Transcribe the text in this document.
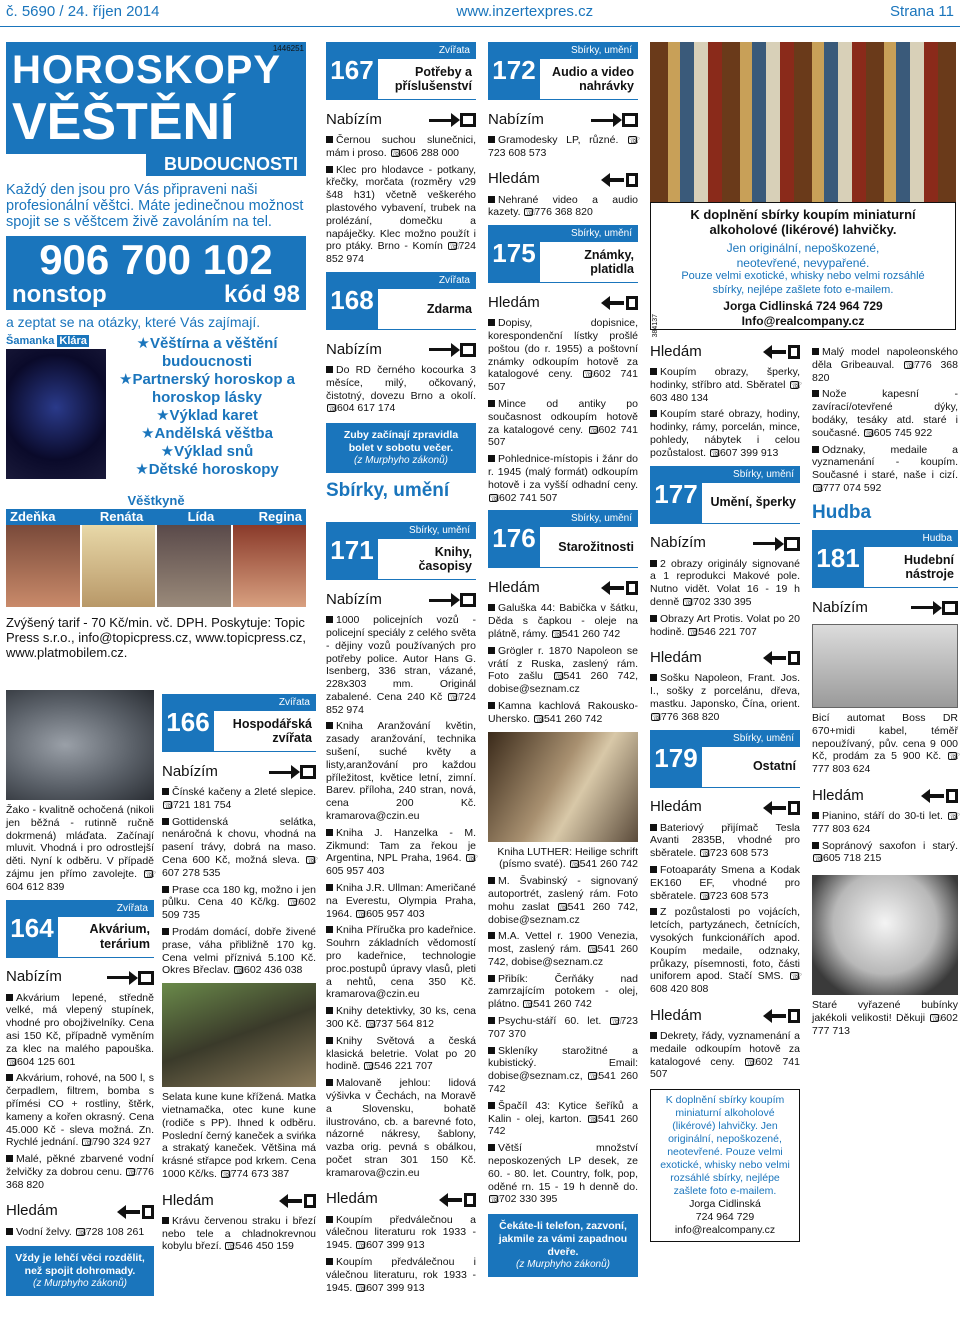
č. 5690 / 24. říjen 2014	www.inzertexpres.cz	Strana 11
HOROSKOPY
VĚŠTĚNÍ
1446251
BUDOUCNOSTI
Každý den jsou pro Vás připraveni naši profesionální věštci. Máte jedinečnou možnost spojit se s věštcem živě zavoláním na tel.
906 700 102
nonstop	kód 98
a zeptat se na otázky, které Vás zajímají.
Šamanka Klára	★Věštírna a věštění budoucnosti
★Partnerský horoskop a horoskop lásky
★Výklad karet
★Andělská věštba
★Výklad snů
★Dětské horoskopy
Věštkyně
Zdeňka	Renáta	Lída	Regina
Zvýšený tarif - 70 Kč/min. vč. DPH. Poskytuje: Topic Press s.r.o., info@topicpress.cz, www.topicpress.cz, www.platmobilem.cz.
Žako - kvalitně ochočená (nikoli jen běžná - rutinně ručně dokrmená) mláďata. Začínají mluvit. Vhodná i pro odrostlejší děti. Nyní k odběru. V případě zájmu jen přímo zavolejte. ☏604 612 839
164
Zvířata
Akvárium, terárium
Nabízím
Akvárium lepené, středně velké, má vlepený stupínek, vhodné pro obojživelníky. Cena asi 150 Kč, případně vyměním za klec na malého papouška. ☏604 125 601
Akvárium, rohové, na 500 l, s čerpadlem, filtrem, bomba s přímési CO + rostliny, štěrk, kameny a kořen okrasný. Cena 45.000 Kč - sleva možná. Zn. Rychlé jednání. ☏790 324 927
Malé, pěkné zbarvené vodní želvičky za dobrou cenu. ☏776 368 820
Hledám
Vodní želvy. ☏728 108 261
Vždy je lehčí věci rozdělit, než spojit dohromady.
(z Murphyho zákonů)
166
Zvířata
Hospodářská zvířata
Nabízím
Čínské kačeny a 2leté slepice. ☏721 181 754
Gottidenská selátka, nenáročná k chovu, vhodná na pasení trávy, dobrá na maso. Cena 600 Kč, možná sleva. ☏607 278 535
Prase cca 180 kg, možno i jen půlku. Cena 40 Kč/kg. ☏602 509 735
Prodám domácí, dobře živené prase, váha přibližně 170 kg. Cena velmi příznivá 5.100 Kč. Okres Břeclav. ☏602 436 038
Selata kune kune křížená. Matka vietnamačka, otec kune kune (rodiče s PP). Ihned k odběru. Poslední černý kaneček a svińka a strakatý kaneček. Většina má krásné střapce pod krkem. Cena 1000 Kč/ks. ☏774 673 387
Hledám
Krávu červenou straku i březí nebo tele a chladnokrevnou kobylu březí. ☏546 450 159
167
Zvířata
Potřeby a příslušenství
Nabízím
Černou suchou slunečnici, mám i proso. ☏606 288 000
Klec pro hlodavce - potkany, křečky, morčata (rozměry v29 š48 h31) včetně veškerého plastového vybavení, trubek na prolézání, domečku a napáječky. Klec možno použít i pro ptáky. Brno - Komín ☏724 852 974
168
Zvířata
Zdarma
Nabízím
Do RD černého kocourka 3 měsíce, milý, očkovaný, čistotný, dovezu Brno a okolí. ☏604 617 174
Zuby začínají zpravidla bolet v sobotu večer.
(z Murphyho zákonů)
Sbírky, umění
171
Sbírky, umění
Knihy, časopisy
Nabízím
1000 policejních vozů - policejní speciály z celého světa - dějiny vozů používaných pro potřeby police. Autor Hans G. Isenberg, 336 stran, vázané, 228x303 mm. Originál zabalené. Cena 240 Kč ☏724 852 974
Kniha Aranžování květin, zasady aranžování, technika sušení, suché květy a listy,aranžování pro každou příležitost, květice letní, zimní. Barev. příloha, 240 stran, nová, cena 200 Kč. kramarova@czin.eu
Kniha J. Hanzelka - M. Zikmund: Tam za řekou je Argentina, NPL Praha, 1964. ☏605 957 403
Kniha J.R. Ullman: Američané na Everestu, Olympia Praha, 1964. ☏605 957 403
Kniha Příručka pro kadeřnice. Souhrn základních vědomostí pro kadeřnice, technologie proc.postupů úpravy vlasů, pleti a nehtů, cena 350 Kč. kramarova@czin.eu
Knihy detektivky, 30 ks, cena 300 Kč. ☏737 564 812
Knihy Světová a česká klasická beletrie. Volat po 20 hodině. ☏546 221 707
Malovaně jehlou: lidová výšivka v Čechách, na Moravě a Slovensku, bohatě ilustrováno, cb. a barevné foto, názorné nákresy, šablony, vazba orig. pevná s obálkou, počet stran 301 150 Kč. kramarova@czin.eu
Hledám
Koupím předválečnou a válečnou literaturu rok 1933 - 1945. ☏607 399 913
Koupím předválečnou i válečnou literaturu, rok 1933 - 1945. ☏607 399 913
172
Sbírky, umění
Audio a video nahrávky
Nabízím
Gramodesky LP, různé. ☏723 608 573
Hledám
Nehrané video a audio kazety. ☏776 368 820
175
Sbírky, umění
Známky, platidla
Hledám
Dopisy, dopisnice, korespondenční lístky prošlé poštou (do r. 1955) a poštovní známky odkoupím hotově za katalogové ceny. ☏602 741 507
Mince od antiky po současnost odkoupím hotově za katalogové ceny. ☏602 741 507
Pohlednice-místopis i žánr do r. 1945 (malý formát) odkoupím hotově i za vyšší odhadní ceny. ☏602 741 507
176
Sbírky, umění
Starožitnosti
Hledám
Galuška 44: Babička v šátku, Děda s čapkou - oleje na plátně, rámy. ☏541 260 742
Grögler r. 1870 Napoleon se vrátí z Ruska, zaslený rám. Foto zašlu ☏541 260 742, dobise@seznam.cz
Kamna kachlová Rakousko-Uhersko. ☏541 260 742
Kniha LUTHER: Heilige schrift (písmo svaté). ☏541 260 742
M. Švabinský - signovaný autoportrét, zaslený rám. Foto mohu zaslat ☏541 260 742, dobise@seznam.cz
M.A. Vettel r. 1900 Venezia, most, zaslený rám. ☏541 260 742, dobise@seznam.cz
Přibík: Čerňáky nad zamrzajícím potokem - olej, plátno. ☏541 260 742
Psychu-stáří 60. let. ☏723 707 370
Skleníky starožitné a kubistický. Email: dobise@seznam.cz, ☏541 260 742
Špačíl 43: Kytice šeříků a Kalin - olej, karton. ☏541 260 742
Větší množství neposkozených LP desek, ze 60. - 80. let. Country, folk, pop, oděné rn. 15 - 19 h denně do. ☏702 330 395
Čekáte-li telefon, zazvoní, jakmile za vámi zapadnou dveře.
(z Murphyho zákonů)
K doplnění sbírky koupím miniaturní alkoholové (likérové) lahvičky.
Jen originální, nepoškozené,
neotevřené, nevypařené.
Pouze velmi exotické, whisky nebo velmi rozsáhlé
sbírky, nejlépe zašlete foto e-mailem.
Jorga Cidlinská 724 964 729
Info@realcompany.cz
384137
Hledám
Koupím obrazy, šperky, hodinky, stříbro atd. Sběratel ☏603 480 134
Koupím staré obrazy, hodiny, hodinky, rámy, porcelán, mince, pohledy, nábytek i celou pozůstalost. ☏607 399 913
177
Sbírky, umění
Umění, šperky
Nabízím
2 obrazy originály signované a 1 reprodukci Makové pole. Nutno vidět. Volat 16 - 19 h denně ☏702 330 395
Obrazy Art Protis. Volat po 20 hodině. ☏546 221 707
Hledám
Sošku Napoleon, Frant. Jos. I., sošky z porcelánu, dřeva, mastku. Japonsko, Čína, orient. ☏776 368 820
179
Sbírky, umění
Ostatní
Hledám
Bateriový přijímač Tesla Avanti 2835B, vhodné pro sběratele. ☏723 608 573
Fotoaparáty Smena a Kodak EK160 EF, vhodné pro sběratele. ☏723 608 573
Z pozůstalosti po vojácích, letcích, partyzánech, četnících, vysokých funkcionářích apod. Koupím medaile, odznaky, průkazy, písemnosti, foto, části uniforem apod. Stačí SMS. ☏608 420 808
Hledám
Dekrety, řády, vyznamenání a medaile odkoupím hotově za katalogové ceny. ☏602 741 507
K doplnění sbírky koupím
miniaturní alkoholové
(likérové) lahvičky. Jen
originální, nepoškozené,
neotevřené. Pouze velmi
exotické, whisky nebo velmi
rozsáhlé sbírky, nejlépe
zašlete foto e-mailem.
Jorga Cidlinská
724 964 729
info@realcompany.cz
Malý model napoleonského děla Gribeauval. ☏776 368 820
Nože kapesní - zavírací/otevřené dýky, bodáky, tesáky atd. staré i současné. ☏605 745 922
Odznaky, medaile a vyznamenání - koupím. Současné i staré, naše i cizí. ☏777 074 592
Hudba
181
Hudba
Hudební nástroje
Nabízím
Bicí automat Boss DR 670+midi kabel, téměř nepoužívaný, pův. cena 9 000 Kč, prodám za 5 900 Kč. ☏777 803 624
Hledám
Pianino, stáří do 30-ti let. ☏777 803 624
Sopránový saxofon i starý. ☏605 718 215
Staré vyřazené bubínky jakékoli velikosti! Děkuji ☏602 777 713
